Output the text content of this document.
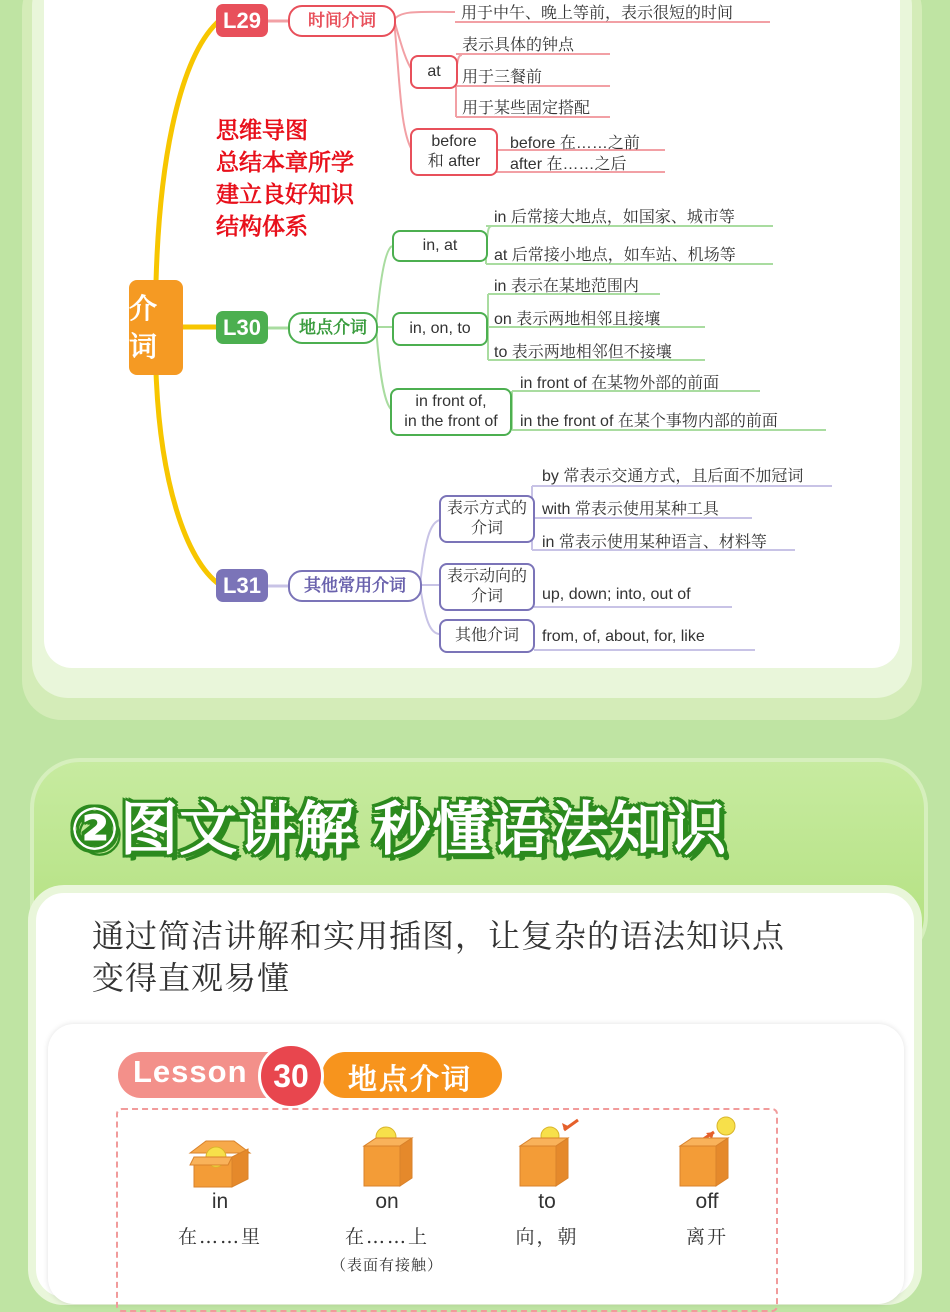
介词
思维导图
总结本章所学
建立良好知识
结构体系
L29	时间介词	用于中午、晚上等前，表示很短的时间
at
表示具体的钟点
用于三餐前
用于某些固定搭配
before
和 after
before 在……之前
after 在……之后
L30	地点介词
in, at
in 后常接大地点，如国家、城市等
at 后常接小地点，如车站、机场等
in, on, to
in 表示在某地范围内
on 表示两地相邻且接壤
to 表示两地相邻但不接壤
in front of,
in the front of
in front of 在某物外部的前面
in the front of 在某个事物内部的前面
L31	其他常用介词
表示方式的
介词
by 常表示交通方式，且后面不加冠词
with 常表示使用某种工具
in 常表示使用某种语言、材料等
表示动向的
介词	up, down; into, out of
其他介词	from, of, about, for, like
②图文讲解 秒懂语法知识
通过简洁讲解和实用插图，让复杂的语法知识点
变得直观易懂
地点介词
Lesson 30
in	on	to	off
在……里	在……上	向，朝	离开
（表面有接触）
